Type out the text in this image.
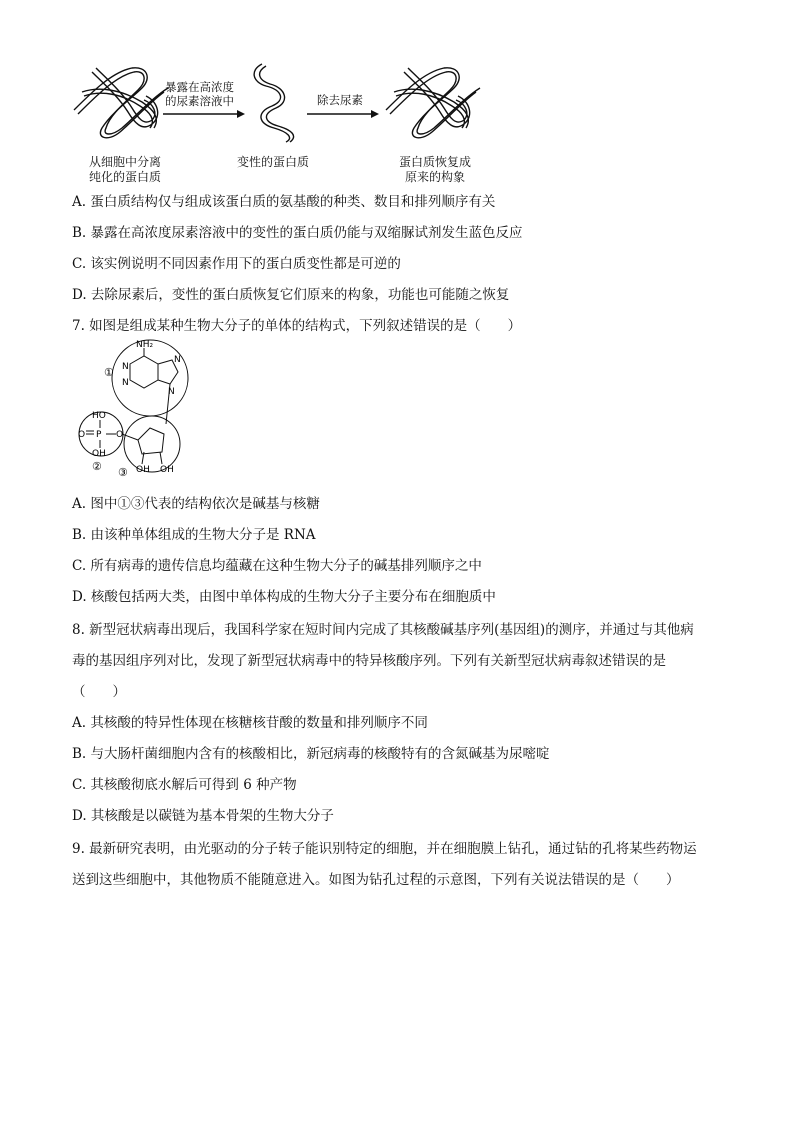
暴露在高浓度
的尿素溶液中	除去尿素
从细胞中分离
纯化的蛋白质
变性的蛋白质	蛋白质恢复成
原来的构象
A. 蛋白质结构仅与组成该蛋白质的氨基酸的种类、数目和排列顺序有关
B. 暴露在高浓度尿素溶液中的变性的蛋白质仍能与双缩脲试剂发生蓝色反应
C. 该实例说明不同因素作用下的蛋白质变性都是可逆的
D. 去除尿素后，变性的蛋白质恢复它们原来的构象，功能也可能随之恢复
7. 如图是组成某种生物大分子的单体的结构式，下列叙述错误的是（　　）
NH₂
N
N
N
N
HO
O P O
OH
OH OH
①
② ③
A. 图中①③代表的结构依次是碱基与核糖
B. 由该种单体组成的生物大分子是 RNA
C. 所有病毒的遗传信息均蕴藏在这种生物大分子的碱基排列顺序之中
D. 核酸包括两大类，由图中单体构成的生物大分子主要分布在细胞质中
8. 新型冠状病毒出现后，我国科学家在短时间内完成了其核酸碱基序列(基因组)的测序，并通过与其他病
毒的基因组序列对比，发现了新型冠状病毒中的特异核酸序列。下列有关新型冠状病毒叙述错误的是
（　　）
A. 其核酸的特异性体现在核糖核苷酸的数量和排列顺序不同
B. 与大肠杆菌细胞内含有的核酸相比，新冠病毒的核酸特有的含氮碱基为尿嘧啶
C. 其核酸彻底水解后可得到 6 种产物
D. 其核酸是以碳链为基本骨架的生物大分子
9. 最新研究表明，由光驱动的分子转子能识别特定的细胞，并在细胞膜上钻孔，通过钻的孔将某些药物运
送到这些细胞中，其他物质不能随意进入。如图为钻孔过程的示意图，下列有关说法错误的是（　　）
